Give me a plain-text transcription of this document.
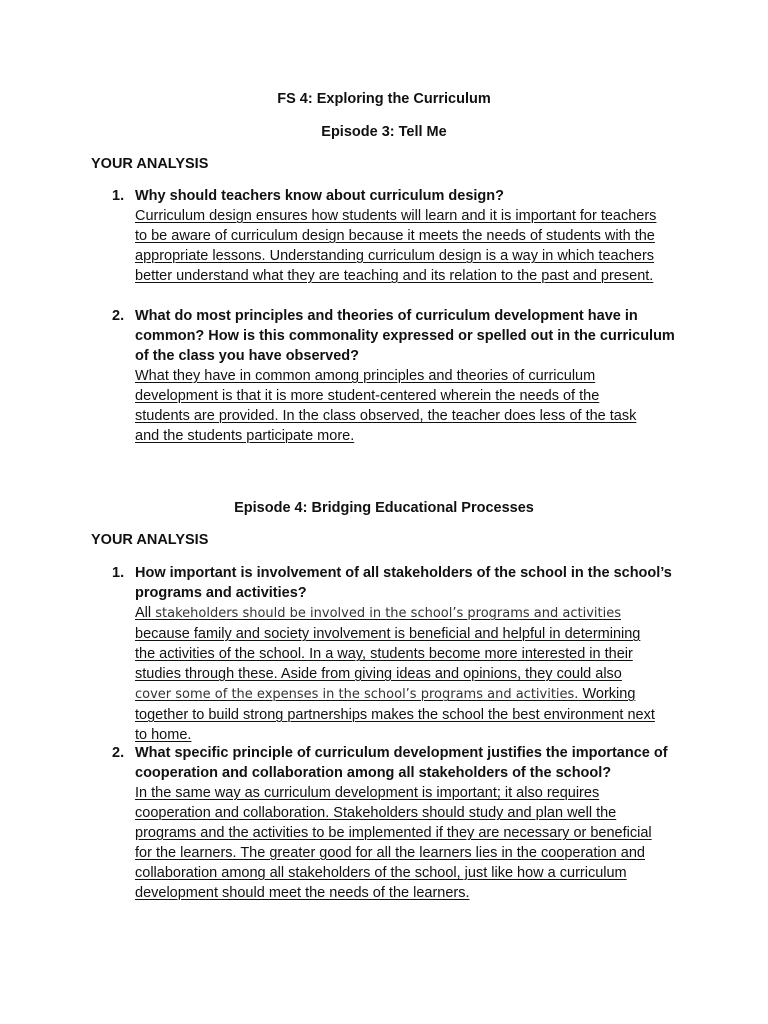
FS 4: Exploring the Curriculum
Episode 3: Tell Me
YOUR ANALYSIS
1. Why should teachers know about curriculum design?

Curriculum design ensures how students will learn and it is important for teachers
to be aware of curriculum design because it meets the needs of students with the
appropriate lessons. Understanding curriculum design is a way in which teachers
better understand what they are teaching and its relation to the past and present.
2. What do most principles and theories of curriculum development have in common? How is this commonality expressed or spelled out in the curriculum of the class you have observed?

What they have in common among principles and theories of curriculum
development is that it is more student-centered wherein the needs of the
students are provided. In the class observed, the teacher does less of the task
and the students participate more.
Episode 4: Bridging Educational Processes
YOUR ANALYSIS
1. How important is involvement of all stakeholders of the school in the school’s programs and activities?

All stakeholders should be involved in the school’s programs and activities
because family and society involvement is beneficial and helpful in determining
the activities of the school. In a way, students become more interested in their
studies through these. Aside from giving ideas and opinions, they could also
cover some of the expenses in the school’s programs and activities. Working
together to build strong partnerships makes the school the best environment next
to home.
2. What specific principle of curriculum development justifies the importance of cooperation and collaboration among all stakeholders of the school?

In the same way as curriculum development is important; it also requires
cooperation and collaboration. Stakeholders should study and plan well the
programs and the activities to be implemented if they are necessary or beneficial
for the learners. The greater good for all the learners lies in the cooperation and
collaboration among all stakeholders of the school, just like how a curriculum
development should meet the needs of the learners.
